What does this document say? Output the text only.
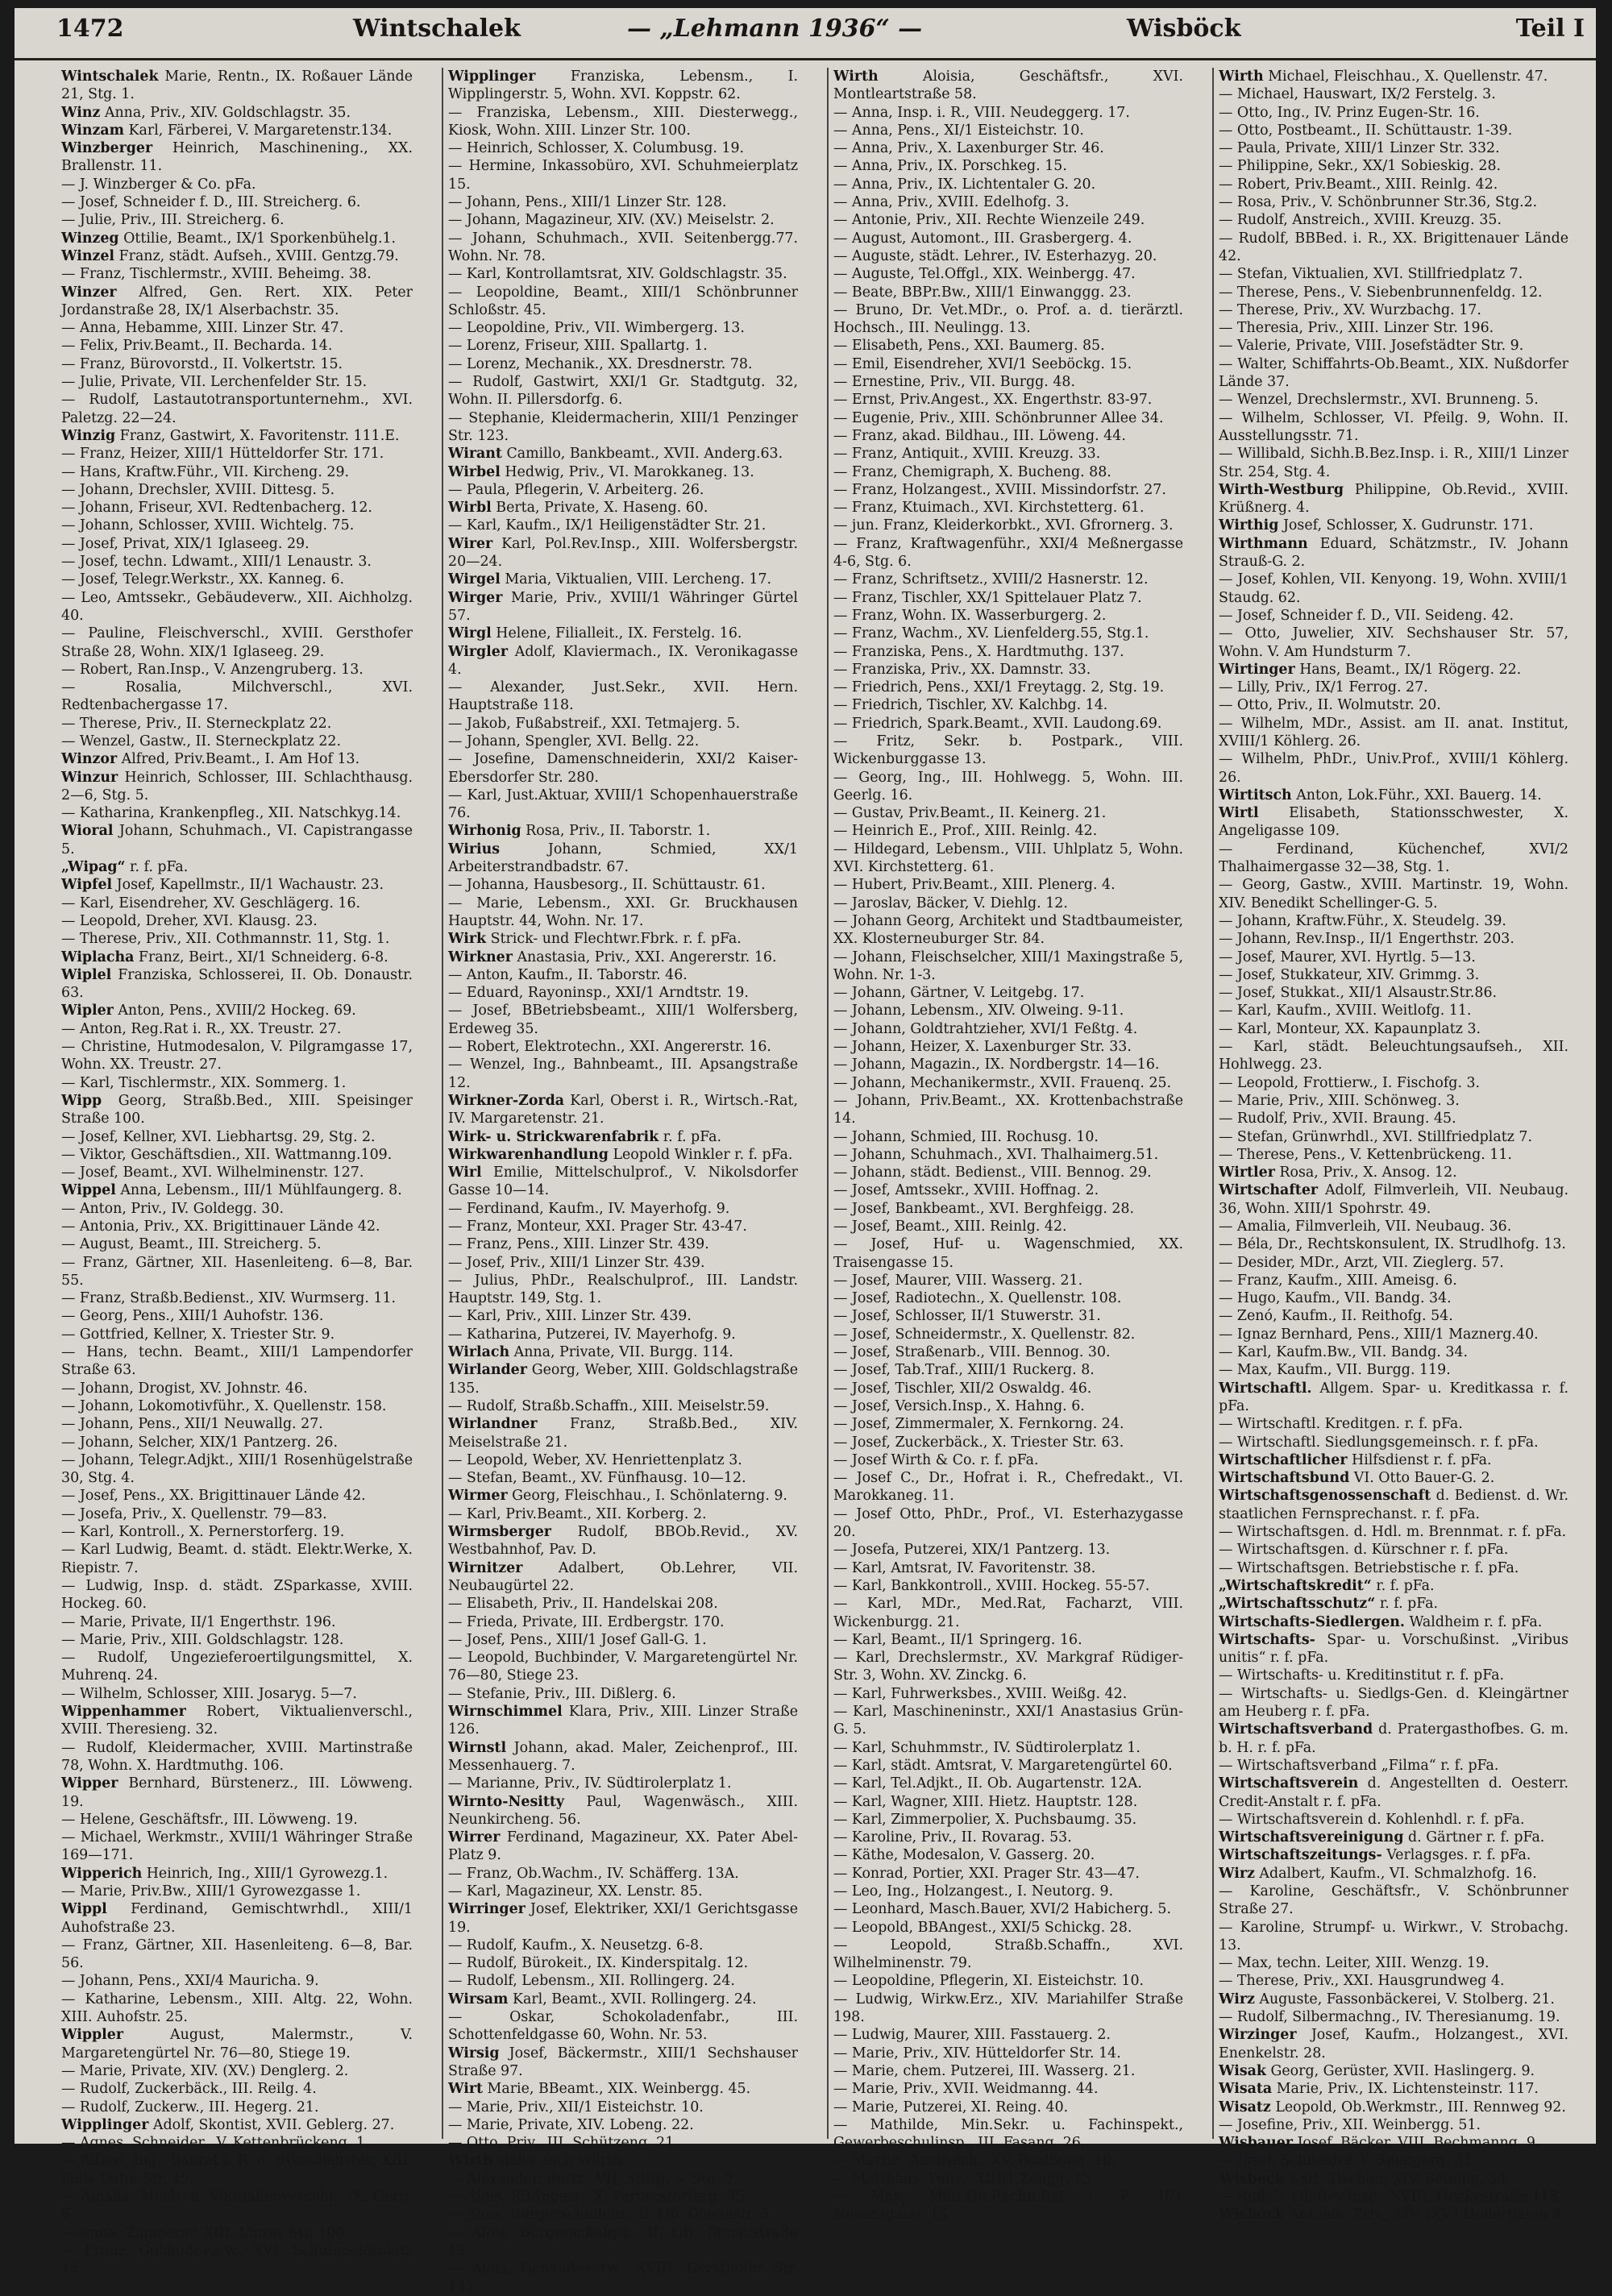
1472	Wintschalek	— „Lehmann 1936“ —	Wisböck	Teil I

Wintschalek Marie, Rentn., IX. Roßauer Lände 21, Stg. 1.

Winz Anna, Priv., XIV. Goldschlagstr. 35.

Winzam Karl, Färberei, V. Margaretenstr.134.

Winzberger Heinrich, Maschinening., XX. Brallenstr. 11.

— J. Winzberger & Co. pFa.

— Josef, Schneider f. D., III. Streicherg. 6.

— Julie, Priv., III. Streicherg. 6.

Winzeg Ottilie, Beamt., IX/1 Sporkenbühelg.1.

Winzel Franz, städt. Aufseh., XVIII. Gentzg.79.

— Franz, Tischlermstr., XVIII. Beheimg. 38.

Winzer Alfred, Gen. Rert. XIX. Peter Jordanstraße 28, IX/1 Alserbachstr. 35.

— Anna, Hebamme, XIII. Linzer Str. 47.

— Felix, Priv.Beamt., II. Becharda. 14.

— Franz, Bürovorstd., II. Volkertstr. 15.

— Julie, Private, VII. Lerchenfelder Str. 15.

— Rudolf, Lastautotransportunternehm., XVI. Paletzg. 22—24.

Winzig Franz, Gastwirt, X. Favoritenstr. 111.E.

— Franz, Heizer, XIII/1 Hütteldorfer Str. 171.

— Hans, Kraftw.Führ., VII. Kircheng. 29.

— Johann, Drechsler, XVIII. Dittesg. 5.

— Johann, Friseur, XVI. Redtenbacherg. 12.

— Johann, Schlosser, XVIII. Wichtelg. 75.

— Josef, Privat, XIX/1 Iglaseeg. 29.

— Josef, techn. Ldwamt., XIII/1 Lenaustr. 3.

— Josef, Telegr.Werkstr., XX. Kanneg. 6.

— Leo, Amtssekr., Gebäudeverw., XII. Aichholzg. 40.

— Pauline, Fleischverschl., XVIII. Gersthofer Straße 28, Wohn. XIX/1 Iglaseeg. 29.

— Robert, Ran.Insp., V. Anzengruberg. 13.

— Rosalia, Milchverschl., XVI. Redtenbachergasse 17.

— Therese, Priv., II. Sterneckplatz 22.

— Wenzel, Gastw., II. Sterneckplatz 22.

Winzor Alfred, Priv.Beamt., I. Am Hof 13.

Winzur Heinrich, Schlosser, III. Schlachthausg. 2—6, Stg. 5.

— Katharina, Krankenpfleg., XII. Natschkyg.14.

Wioral Johann, Schuhmach., VI. Capistrangasse 5.

„Wipag“ r. f. pFa.

Wipfel Josef, Kapellmstr., II/1 Wachaustr. 23.

— Karl, Eisendreher, XV. Geschlägerg. 16.

— Leopold, Dreher, XVI. Klausg. 23.

— Therese, Priv., XII. Cothmannstr. 11, Stg. 1.

Wiplacha Franz, Beirt., XI/1 Schneiderg. 6-8.

Wiplel Franziska, Schlosserei, II. Ob. Donaustr. 63.

Wipler Anton, Pens., XVIII/2 Hockeg. 69.

— Anton, Reg.Rat i. R., XX. Treustr. 27.

— Christine, Hutmodesalon, V. Pilgramgasse 17, Wohn. XX. Treustr. 27.

— Karl, Tischlermstr., XIX. Sommerg. 1.

Wipp Georg, Straßb.Bed., XIII. Speisinger Straße 100.

— Josef, Kellner, XVI. Liebhartsg. 29, Stg. 2.

— Viktor, Geschäftsdien., XII. Wattmanng.109.

— Josef, Beamt., XVI. Wilhelminenstr. 127.

Wippel Anna, Lebensm., III/1 Mühlfaungerg. 8.

— Anton, Priv., IV. Goldegg. 30.

— Antonia, Priv., XX. Brigittinauer Lände 42.

— August, Beamt., III. Streicherg. 5.

— Franz, Gärtner, XII. Hasenleiteng. 6—8, Bar. 55.

— Franz, Straßb.Bedienst., XIV. Wurmserg. 11.

— Georg, Pens., XIII/1 Auhofstr. 136.

— Gottfried, Kellner, X. Triester Str. 9.

— Hans, techn. Beamt., XIII/1 Lampendorfer Straße 63.

— Johann, Drogist, XV. Johnstr. 46.

— Johann, Lokomotivführ., X. Quellenstr. 158.

— Johann, Pens., XII/1 Neuwallg. 27.

— Johann, Selcher, XIX/1 Pantzerg. 26.

— Johann, Telegr.Adjkt., XIII/1 Rosenhügelstraße 30, Stg. 4.

— Josef, Pens., XX. Brigittinauer Lände 42.

— Josefa, Priv., X. Quellenstr. 79—83.

— Karl, Kontroll., X. Pernerstorferg. 19.

— Karl Ludwig, Beamt. d. städt. Elektr.Werke, X. Riepistr. 7.

— Ludwig, Insp. d. städt. ZSparkasse, XVIII. Hockeg. 60.

— Marie, Private, II/1 Engerthstr. 196.

— Marie, Priv., XIII. Goldschlagstr. 128.

— Rudolf, Ungezieferoertilgungsmittel, X. Muhrenq. 24.

— Wilhelm, Schlosser, XIII. Josaryg. 5—7.

Wippenhammer Robert, Viktualienverschl., XVIII. Theresieng. 32.

— Rudolf, Kleidermacher, XVIII. Martinstraße 78, Wohn. X. Hardtmuthg. 106.

Wipper Bernhard, Bürstenerz., III. Löwweng. 19.

— Helene, Geschäftsfr., III. Löwweng. 19.

— Michael, Werkmstr., XVIII/1 Währinger Straße 169—171.

Wipperich Heinrich, Ing., XIII/1 Gyrowezg.1.

— Marie, Priv.Bw., XIII/1 Gyrowezgasse 1.

Wippl Ferdinand, Gemischtwrhdl., XIII/1 Auhofstraße 23.

— Franz, Gärtner, XII. Hasenleiteng. 6—8, Bar. 56.

— Johann, Pens., XXI/4 Mauricha. 9.

— Katharine, Lebensm., XIII. Altg. 22, Wohn. XIII. Auhofstr. 25.

Wippler August, Malermstr., V. Margaretengürtel Nr. 76—80, Stiege 19.

— Marie, Private, XIV. (XV.) Denglerg. 2.

— Rudolf, Zuckerbäck., III. Reilg. 4.

— Rudolf, Zuckerw., III. Hegerg. 21.

Wipplinger Adolf, Skontist, XVII. Geblerg. 27.

— Agnes, Schneider., V. Kettenbrückeng. 1.

— Alfred, Ing., Baurat i. R. d. BBaudienstes, XIII. Felix Dahn-Str. 15.

— Amalia, Milch- u. Viktualienverschl., IX. Gerg. 6.

— Anna, Zimmerer, XIII. Linzer Str. 100.

— Franz, Gebäudeverw., XVI. Schuhmeierplatz 15.

Wipplinger Franziska, Lebensm., I. Wipplingerstr. 5, Wohn. XVI. Koppstr. 62.

— Franziska, Lebensm., XIII. Diesterwegg., Kiosk, Wohn. XIII. Linzer Str. 100.

— Heinrich, Schlosser, X. Columbusg. 19.

— Hermine, Inkassobüro, XVI. Schuhmeierplatz 15.

— Johann, Pens., XIII/1 Linzer Str. 128.

— Johann, Magazineur, XIV. (XV.) Meiselstr. 2.

— Johann, Schuhmach., XVII. Seitenbergg.77. Wohn. Nr. 78.

— Karl, Kontrollamtsrat, XIV. Goldschlagstr. 35.

— Leopoldine, Beamt., XIII/1 Schönbrunner Schloßstr. 45.

— Leopoldine, Priv., VII. Wimbergerg. 13.

— Lorenz, Friseur, XIII. Spallartg. 1.

— Lorenz, Mechanik., XX. Dresdnerstr. 78.

— Rudolf, Gastwirt, XXI/1 Gr. Stadtgutg. 32, Wohn. II. Pillersdorfg. 6.

— Stephanie, Kleidermacherin, XIII/1 Penzinger Str. 123.

Wirant Camillo, Bankbeamt., XVII. Anderg.63.

Wirbel Hedwig, Priv., VI. Marokkaneg. 13.

— Paula, Pflegerin, V. Arbeiterg. 26.

Wirbl Berta, Private, X. Haseng. 60.

— Karl, Kaufm., IX/1 Heiligenstädter Str. 21.

Wirer Karl, Pol.Rev.Insp., XIII. Wolfersbergstr. 20—24.

Wirgel Maria, Viktualien, VIII. Lercheng. 17.

Wirger Marie, Priv., XVIII/1 Währinger Gürtel 57.

Wirgl Helene, Filialleit., IX. Ferstelg. 16.

Wirgler Adolf, Klaviermach., IX. Veronikagasse 4.

— Alexander, Just.Sekr., XVII. Hern. Hauptstraße 118.

— Jakob, Fußabstreif., XXI. Tetmajerg. 5.

— Johann, Spengler, XVI. Bellg. 22.

— Josefine, Damenschneiderin, XXI/2 Kaiser-Ebersdorfer Str. 280.

— Karl, Just.Aktuar, XVIII/1 Schopenhauerstraße 76.

Wirhonig Rosa, Priv., II. Taborstr. 1.

Wirius Johann, Schmied, XX/1 Arbeiterstrandbadstr. 67.

— Johanna, Hausbesorg., II. Schüttaustr. 61.

— Marie, Lebensm., XXI. Gr. Bruckhausen Hauptstr. 44, Wohn. Nr. 17.

Wirk Strick- und Flechtwr.Fbrk. r. f. pFa.

Wirkner Anastasia, Priv., XXI. Angererstr. 16.

— Anton, Kaufm., II. Taborstr. 46.

— Eduard, Rayoninsp., XXI/1 Arndtstr. 19.

— Josef, BBetriebsbeamt., XIII/1 Wolfersberg, Erdeweg 35.

— Robert, Elektrotechn., XXI. Angererstr. 16.

— Wenzel, Ing., Bahnbeamt., III. Apsangstraße 12.

Wirkner-Zorda Karl, Oberst i. R., Wirtsch.-Rat, IV. Margaretenstr. 21.

Wirk- u. Strickwarenfabrik r. f. pFa.

Wirkwarenhandlung Leopold Winkler r. f. pFa.

Wirl Emilie, Mittelschulprof., V. Nikolsdorfer Gasse 10—14.

— Ferdinand, Kaufm., IV. Mayerhofg. 9.

— Franz, Monteur, XXI. Prager Str. 43-47.

— Franz, Pens., XIII. Linzer Str. 439.

— Josef, Priv., XIII/1 Linzer Str. 439.

— Julius, PhDr., Realschulprof., III. Landstr. Hauptstr. 149, Stg. 1.

— Karl, Priv., XIII. Linzer Str. 439.

— Katharina, Putzerei, IV. Mayerhofg. 9.

Wirlach Anna, Private, VII. Burgg. 114.

Wirlander Georg, Weber, XIII. Goldschlagstraße 135.

— Rudolf, Straßb.Schaffn., XIII. Meiselstr.59.

Wirlandner Franz, Straßb.Bed., XIV. Meiselstraße 21.

— Leopold, Weber, XV. Henriettenplatz 3.

— Stefan, Beamt., XV. Fünfhausg. 10—12.

Wirmer Georg, Fleischhau., I. Schönlaterng. 9.

— Karl, Priv.Beamt., XII. Korberg. 2.

Wirmsberger Rudolf, BBOb.Revid., XV. Westbahnhof, Pav. D.

Wirnitzer Adalbert, Ob.Lehrer, VII. Neubaugürtel 22.

— Elisabeth, Priv., II. Handelskai 208.

— Frieda, Private, III. Erdbergstr. 170.

— Josef, Pens., XIII/1 Josef Gall-G. 1.

— Leopold, Buchbinder, V. Margaretengürtel Nr. 76—80, Stiege 23.

— Stefanie, Priv., III. Dißlerg. 6.

Wirnschimmel Klara, Priv., XIII. Linzer Straße 126.

Wirnstl Johann, akad. Maler, Zeichenprof., III. Messenhauerg. 7.

— Marianne, Priv., IV. Südtirolerplatz 1.

Wirnto-Nesitty Paul, Wagenwäsch., XIII. Neunkircheng. 56.

Wirrer Ferdinand, Magazineur, XX. Pater Abel-Platz 9.

— Franz, Ob.Wachm., IV. Schäfferg. 13A.

— Karl, Magazineur, XX. Lenstr. 85.

Wirringer Josef, Elektriker, XXI/1 Gerichtsgasse 19.

— Rudolf, Kaufm., X. Neusetzg. 6-8.

— Rudolf, Bürokeit., IX. Kinderspitalg. 12.

— Rudolf, Lebensm., XII. Rollingerg. 24.

Wirsam Karl, Beamt., XVII. Rollingerg. 24.

— Oskar, Schokoladenfabr., III. Schottenfeldgasse 60, Wohn. Nr. 53.

Wirsig Josef, Bäckermstr., XIII/1 Sechshauser Straße 97.

Wirt Marie, BBeamt., XIX. Weinbergg. 45.

— Marie, Priv., XII/1 Eisteichstr. 10.

— Marie, Private, XIV. Lobeng. 22.

— Otto, Priv., III. Schützeng. 21.

Wirth siehe auch Würth.

— Alexander, Bertr., VII. Stiftg. 5, Stg. 2.

— Alois, BBAngest., X. Pernerstorferg. 35.

— Alois, Bürgerschullehr., II. Ob. Donaustr. 3.

— Alois, Bürgerschulgst., II. Ob. Donaustraße 12.

— Alois, Gebäudeverw., XVIII. Gersthofer Str. 141.

Wirth Aloisia, Geschäftsfr., XVI. Montleartstraße 58.

— Anna, Insp. i. R., VIII. Neudeggerg. 17.

— Anna, Pens., XI/1 Eisteichstr. 10.

— Anna, Priv., X. Laxenburger Str. 46.

— Anna, Priv., IX. Porschkeg. 15.

— Anna, Priv., IX. Lichtentaler G. 20.

— Anna, Priv., XVIII. Edelhofg. 3.

— Antonie, Priv., XII. Rechte Wienzeile 249.

— August, Automont., III. Grasbergerg. 4.

— Auguste, städt. Lehrer., IV. Esterhazyg. 20.

— Auguste, Tel.Offgl., XIX. Weinbergg. 47.

— Beate, BBPr.Bw., XIII/1 Einwanggg. 23.

— Bruno, Dr. Vet.MDr., o. Prof. a. d. tierärztl. Hochsch., III. Neulingg. 13.

— Elisabeth, Pens., XXI. Baumerg. 85.

— Emil, Eisendreher, XVI/1 Seeböckg. 15.

— Ernestine, Priv., VII. Burgg. 48.

— Ernst, Priv.Angest., XX. Engerthstr. 83-97.

— Eugenie, Priv., XIII. Schönbrunner Allee 34.

— Franz, akad. Bildhau., III. Löweng. 44.

— Franz, Antiquit., XVIII. Kreuzg. 33.

— Franz, Chemigraph, X. Bucheng. 88.

— Franz, Holzangest., XVIII. Missindorfstr. 27.

— Franz, Ktuimach., XVI. Kirchstetterg. 61.

— jun. Franz, Kleiderkorbkt., XVI. Gfrornerg. 3.

— Franz, Kraftwagenführ., XXI/4 Meßnergasse 4-6, Stg. 6.

— Franz, Schriftsetz., XVIII/2 Hasnerstr. 12.

— Franz, Tischler, XX/1 Spittelauer Platz 7.

— Franz, Wohn. IX. Wasserburgerg. 2.

— Franz, Wachm., XV. Lienfelderg.55, Stg.1.

— Franziska, Pens., X. Hardtmuthg. 137.

— Franziska, Priv., XX. Damnstr. 33.

— Friedrich, Pens., XXI/1 Freytagg. 2, Stg. 19.

— Friedrich, Tischler, XV. Kalchbg. 14.

— Friedrich, Spark.Beamt., XVII. Laudong.69.

— Fritz, Sekr. b. Postpark., VIII. Wickenburggasse 13.

— Georg, Ing., III. Hohlwegg. 5, Wohn. III. Geerlg. 16.

— Gustav, Priv.Beamt., II. Keinerg. 21.

— Heinrich E., Prof., XIII. Reinlg. 42.

— Hildegard, Lebensm., VIII. Uhlplatz 5, Wohn. XVI. Kirchstetterg. 61.

— Hubert, Priv.Beamt., XIII. Plenerg. 4.

— Jaroslav, Bäcker, V. Diehlg. 12.

— Johann Georg, Architekt und Stadtbaumeister, XX. Klosterneuburger Str. 84.

— Johann, Fleischselcher, XIII/1 Maxingstraße 5, Wohn. Nr. 1-3.

— Johann, Gärtner, V. Leitgebg. 17.

— Johann, Lebensm., XIV. Olweing. 9-11.

— Johann, Goldtrahtzieher, XVI/1 Feßtg. 4.

— Johann, Heizer, X. Laxenburger Str. 33.

— Johann, Magazin., IX. Nordbergstr. 14—16.

— Johann, Mechanikermstr., XVII. Frauenq. 25.

— Johann, Priv.Beamt., XX. Krottenbachstraße 14.

— Johann, Schmied, III. Rochusg. 10.

— Johann, Schuhmach., XVI. Thalhaimerg.51.

— Johann, städt. Bedienst., VIII. Bennog. 29.

— Josef, Amtssekr., XVIII. Hoffnag. 2.

— Josef, Bankbeamt., XVI. Berghfeigg. 28.

— Josef, Beamt., XIII. Reinlg. 42.

— Josef, Huf- u. Wagenschmied, XX. Traisengasse 15.

— Josef, Maurer, VIII. Wasserg. 21.

— Josef, Radiotechn., X. Quellenstr. 108.

— Josef, Schlosser, II/1 Stuwerstr. 31.

— Josef, Schneidermstr., X. Quellenstr. 82.

— Josef, Straßenarb., VIII. Bennog. 30.

— Josef, Tab.Traf., XIII/1 Ruckerg. 8.

— Josef, Tischler, XII/2 Oswaldg. 46.

— Josef, Versich.Insp., X. Hahng. 6.

— Josef, Zimmermaler, X. Fernkorng. 24.

— Josef, Zuckerbäck., X. Triester Str. 63.

— Josef Wirth & Co. r. f. pFa.

— Josef C., Dr., Hofrat i. R., Chefredakt., VI. Marokkaneg. 11.

— Josef Otto, PhDr., Prof., VI. Esterhazygasse 20.

— Josefa, Putzerei, XIX/1 Pantzerg. 13.

— Karl, Amtsrat, IV. Favoritenstr. 38.

— Karl, Bankkontroll., XVIII. Hockeg. 55-57.

— Karl, MDr., Med.Rat, Facharzt, VIII. Wickenburgg. 21.

— Karl, Beamt., II/1 Springerg. 16.

— Karl, Drechslermstr., XV. Markgraf Rüdiger-Str. 3, Wohn. XV. Zinckg. 6.

— Karl, Fuhrwerksbes., XVIII. Weißg. 42.

— Karl, Maschineninstr., XXI/1 Anastasius Grün-G. 5.

— Karl, Schuhmmstr., IV. Südtirolerplatz 1.

— Karl, städt. Amtsrat, V. Margaretengürtel 60.

— Karl, Tel.Adjkt., II. Ob. Augartenstr. 12A.

— Karl, Wagner, XIII. Hietz. Hauptstr. 128.

— Karl, Zimmerpolier, X. Puchsbaumg. 35.

— Karoline, Priv., II. Rovarag. 53.

— Käthe, Modesalon, V. Gasserg. 20.

— Konrad, Portier, XXI. Prager Str. 43—47.

— Leo, Ing., Holzangest., I. Neutorg. 9.

— Leonhard, Masch.Bauer, XVI/2 Habicherg. 5.

— Leopold, BBAngest., XXI/5 Schickg. 28.

— Leopold, Straßb.Schaffn., XVI. Wilhelminenstr. 79.

— Leopoldine, Pflegerin, XI. Eisteichstr. 10.

— Ludwig, Wirkw.Erz., XIV. Mariahilfer Straße 198.

— Ludwig, Maurer, XIII. Fasstauerg. 2.

— Marie, Priv., XIV. Hütteldorfer Str. 14.

— Marie, chem. Putzerei, III. Wasserg. 21.

— Marie, Priv., XVII. Weidmanng. 44.

— Marie, Putzerei, XI. Reing. 40.

— Mathilde, Min.Sekr. u. Fachinspekt., Gewerbeschulinsp., III. Fasang. 26.

— Martin, Anstreich., XV. Pouthong. 10.

— Matthäus, Pens., XIII/1 Zeugg. 13.

— Max, Milit.Ob.Rechn.Rat i. P., II/1 Novaragasse 15.

Wirth Michael, Fleischhau., X. Quellenstr. 47.

— Michael, Hauswart, IX/2 Ferstelg. 3.

— Otto, Ing., IV. Prinz Eugen-Str. 16.

— Otto, Postbeamt., II. Schüttaustr. 1-39.

— Paula, Private, XIII/1 Linzer Str. 332.

— Philippine, Sekr., XX/1 Sobieskig. 28.

— Robert, Priv.Beamt., XIII. Reinlg. 42.

— Rosa, Priv., V. Schönbrunner Str.36, Stg.2.

— Rudolf, Anstreich., XVIII. Kreuzg. 35.

— Rudolf, BBBed. i. R., XX. Brigittenauer Lände 42.

— Stefan, Viktualien, XVI. Stillfriedplatz 7.

— Therese, Pens., V. Siebenbrunnenfeldg. 12.

— Therese, Priv., XV. Wurzbachg. 17.

— Theresia, Priv., XIII. Linzer Str. 196.

— Valerie, Private, VIII. Josefstädter Str. 9.

— Walter, Schiffahrts-Ob.Beamt., XIX. Nußdorfer Lände 37.

— Wenzel, Drechslermstr., XVI. Brunneng. 5.

— Wilhelm, Schlosser, VI. Pfeilg. 9, Wohn. II. Ausstellungsstr. 71.

— Willibald, Sichh.B.Bez.Insp. i. R., XIII/1 Linzer Str. 254, Stg. 4.

Wirth-Westburg Philippine, Ob.Revid., XVIII. Krüßnerg. 4.

Wirthig Josef, Schlosser, X. Gudrunstr. 171.

Wirthmann Eduard, Schätzmstr., IV. Johann Strauß-G. 2.

— Josef, Kohlen, VII. Kenyong. 19, Wohn. XVIII/1 Staudg. 62.

— Josef, Schneider f. D., VII. Seideng. 42.

— Otto, Juwelier, XIV. Sechshauser Str. 57, Wohn. V. Am Hundsturm 7.

Wirtinger Hans, Beamt., IX/1 Rögerg. 22.

— Lilly, Priv., IX/1 Ferrog. 27.

— Otto, Priv., II. Wolmutstr. 20.

— Wilhelm, MDr., Assist. am II. anat. Institut, XVIII/1 Köhlerg. 26.

— Wilhelm, PhDr., Univ.Prof., XVIII/1 Köhlerg. 26.

Wirtitsch Anton, Lok.Führ., XXI. Bauerg. 14.

Wirtl Elisabeth, Stationsschwester, X. Angeligasse 109.

— Ferdinand, Küchenchef, XVI/2 Thalhaimergasse 32—38, Stg. 1.

— Georg, Gastw., XVIII. Martinstr. 19, Wohn. XIV. Benedikt Schellinger-G. 5.

— Johann, Kraftw.Führ., X. Steudelg. 39.

— Johann, Rev.Insp., II/1 Engerthstr. 203.

— Josef, Maurer, XVI. Hyrtlg. 5—13.

— Josef, Stukkateur, XIV. Grimmg. 3.

— Josef, Stukkat., XII/1 Alsaustr.Str.86.

— Karl, Kaufm., XVIII. Weitlofg. 11.

— Karl, Monteur, XX. Kapaunplatz 3.

— Karl, städt. Beleuchtungsaufseh., XII. Hohlwegg. 23.

— Leopold, Frottierw., I. Fischofg. 3.

— Marie, Priv., XIII. Schönweg. 3.

— Rudolf, Priv., XVII. Braung. 45.

— Stefan, Grünwrhdl., XVI. Stillfriedplatz 7.

— Therese, Pens., V. Kettenbrückeng. 11.

Wirtler Rosa, Priv., X. Ansog. 12.

Wirtschafter Adolf, Filmverleih, VII. Neubaug. 36, Wohn. XIII/1 Spohrstr. 49.

— Amalia, Filmverleih, VII. Neubaug. 36.

— Béla, Dr., Rechtskonsulent, IX. Strudlhofg. 13.

— Desider, MDr., Arzt, VII. Zieglerg. 57.

— Franz, Kaufm., XIII. Ameisg. 6.

— Hugo, Kaufm., VII. Bandg. 34.

— Zenó, Kaufm., II. Reithofg. 54.

— Ignaz Bernhard, Pens., XIII/1 Maznerg.40.

— Karl, Kaufm.Bw., VII. Bandg. 34.

— Max, Kaufm., VII. Burgg. 119.

Wirtschaftl. Allgem. Spar- u. Kreditkassa r. f. pFa.

— Wirtschaftl. Kreditgen. r. f. pFa.

— Wirtschaftl. Siedlungsgemeinsch. r. f. pFa.

Wirtschaftlicher Hilfsdienst r. f. pFa.

Wirtschaftsbund VI. Otto Bauer-G. 2.

Wirtschaftsgenossenschaft d. Bedienst. d. Wr. staatlichen Fernsprechanst. r. f. pFa.

— Wirtschaftsgen. d. Hdl. m. Brennmat. r. f. pFa.

— Wirtschaftsgen. d. Kürschner r. f. pFa.

— Wirtschaftsgen. Betriebstische r. f. pFa.

„Wirtschaftskredit“ r. f. pFa.

„Wirtschaftsschutz“ r. f. pFa.

Wirtschafts-Siedlergen. Waldheim r. f. pFa.

Wirtschafts- Spar- u. Vorschußinst. „Viribus unitis“ r. f. pFa.

— Wirtschafts- u. Kreditinstitut r. f. pFa.

— Wirtschafts- u. Siedlgs-Gen. d. Kleingärtner am Heuberg r. f. pFa.

Wirtschaftsverband d. Pratergasthofbes. G. m. b. H. r. f. pFa.

— Wirtschaftsverband „Filma“ r. f. pFa.

Wirtschaftsverein d. Angestellten d. Oesterr. Credit-Anstalt r. f. pFa.

— Wirtschaftsverein d. Kohlenhdl. r. f. pFa.

Wirtschaftsvereinigung d. Gärtner r. f. pFa.

Wirtschaftszeitungs- Verlagsges. r. f. pFa.

Wirz Adalbert, Kaufm., VI. Schmalzhofg. 16.

— Karoline, Geschäftsfr., V. Schönbrunner Straße 27.

— Karoline, Strumpf- u. Wirkwr., V. Strobachg. 13.

— Max, techn. Leiter, XIII. Wenzg. 19.

— Therese, Priv., XXI. Hausgrundweg 4.

Wirz Auguste, Fassonbäckerei, V. Stolberg. 21.

— Rudolf, Silbermachng., IV. Theresianumg. 19.

Wirzinger Josef, Kaufm., Holzangest., XVI. Enenkelstr. 28.

Wisak Georg, Gerüster, XVII. Haslingerg. 9.

Wisata Marie, Priv., IX. Lichtensteinstr. 117.

Wisatz Leopold, Ob.Werkmstr., III. Rennweg 92.

— Josefine, Priv., XII. Weinbergg. 51.

Wisbauer Josef, Bäcker, VIII. Bechmanng. 9.

— Josef, Schneider, V. Spengerg. 31.

Wisbeck Karl, Tischler, XIV. Beteing. 34.

— Rudolf, Ob.Rev.Insp., XVIII. Hockestraße 118.

Wisböck Antonia, Priv., XIV. (XV.) Hollergasse 8.
